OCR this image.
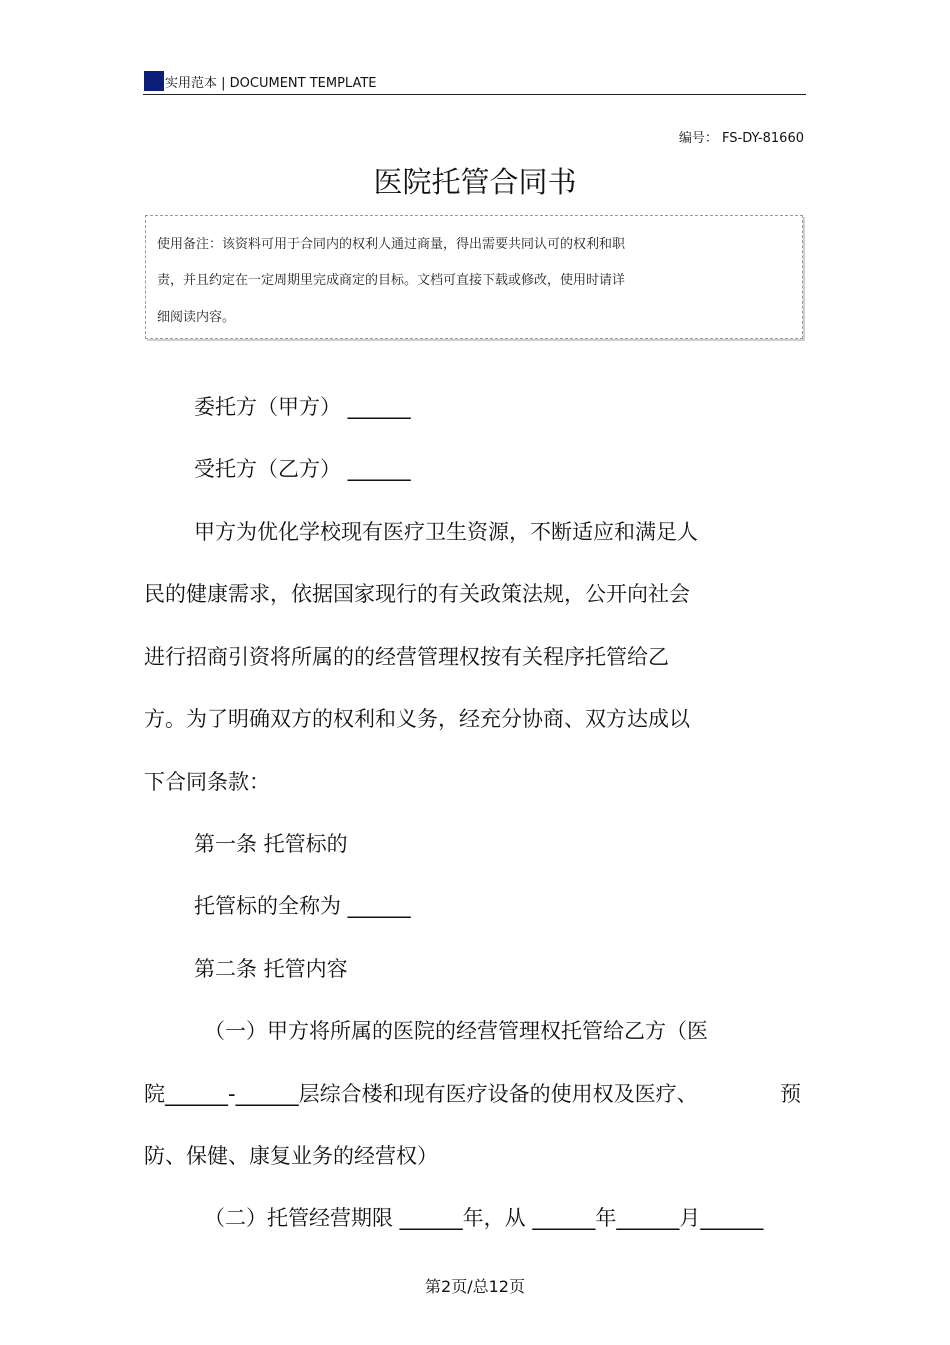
实用范本 | DOCUMENT TEMPLATE
编号： FS-DY-81660
医院托管合同书
使用备注：该资料可用于合同内的权利人通过商量，得出需要共同认可的权利和职
责，并且约定在一定周期里完成商定的目标。文档可直接下载或修改，使用时请详
细阅读内容。
委托方（甲方） ______
受托方（乙方） ______
甲方为优化学校现有医疗卫生资源，不断适应和满足人
民的健康需求，依据国家现行的有关政策法规，公开向社会
进行招商引资将所属的的经营管理权按有关程序托管给乙
方。为了明确双方的权利和义务，经充分协商、双方达成以
下合同条款：
第一条 托管标的
托管标的全称为 ______
第二条 托管内容
（一）甲方将所属的医院的经营管理权托管给乙方（医
院______-______层综合楼和现有医疗设备的使用权及医疗、	预
防、保健、康复业务的经营权）
（二）托管经营期限 ______年，从 ______年______月______
第2页/总12页
